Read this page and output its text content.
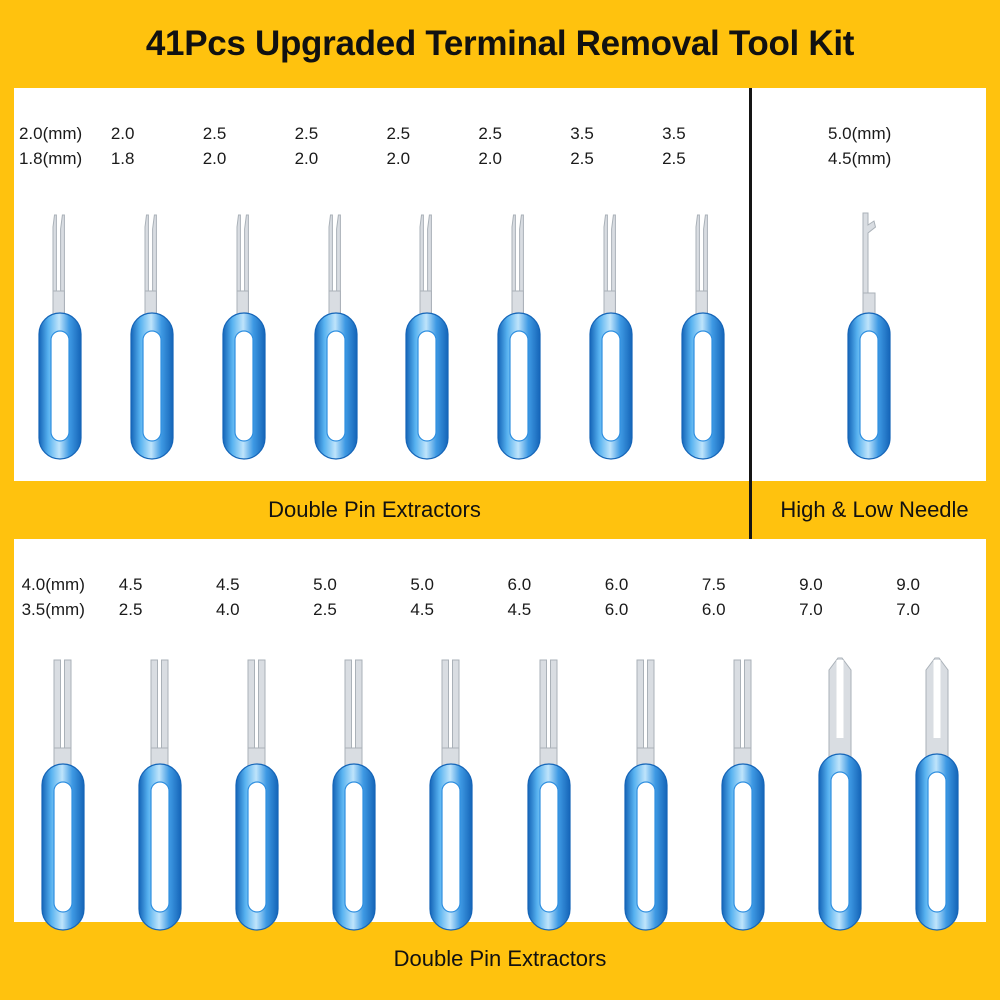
41Pcs Upgraded Terminal Removal Tool Kit
2.0(mm)
1.8(mm)
2.0
1.8
2.5
2.0
2.5
2.0
2.5
2.0
2.5
2.0
3.5
2.5
3.5
2.5
5.0(mm)
4.5(mm)
Double Pin Extractors	High & Low Needle
4.0(mm)
3.5(mm)
4.5
2.5
4.5
4.0
5.0
2.5
5.0
4.5
6.0
4.5
6.0
6.0
7.5
6.0
9.0
7.0
9.0
7.0
Double Pin Extractors
